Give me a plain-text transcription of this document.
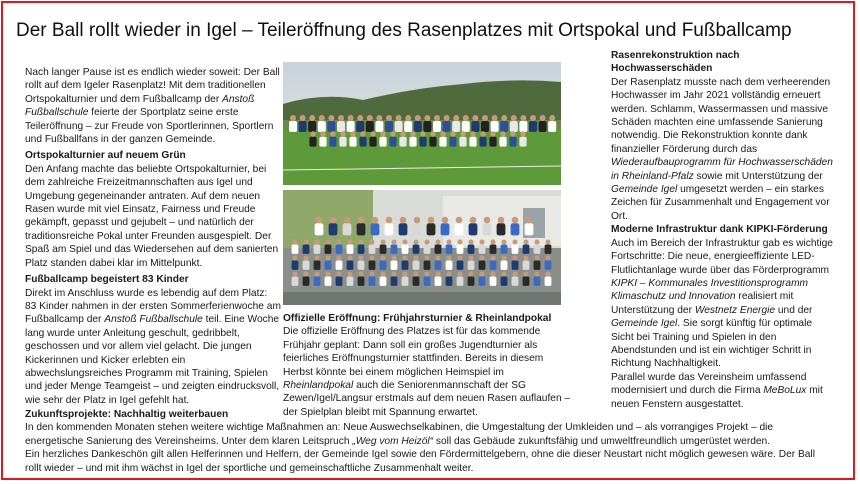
Der Ball rollt wieder in Igel – Teileröffnung des Rasenplatzes mit Ortspokal und Fußballcamp

Nach langer Pause ist es endlich wieder soweit: Der Ball rollt auf dem Igeler Rasenplatz! Mit dem traditionellen Ortspokalturnier und dem Fußballcamp der Anstoß Fußballschule feierte der Sportplatz seine erste Teileröffnung – zur Freude von Sportlerinnen, Sportlern und Fußballfans in der ganzen Gemeinde.

Ortspokalturnier auf neuem Grün

Den Anfang machte das beliebte Ortspokalturnier, bei dem zahlreiche Freizeitmannschaften aus Igel und Umgebung gegeneinander antraten. Auf dem neuen Rasen wurde mit viel Einsatz, Fairness und Freude gekämpft, gepasst und gejubelt – und natürlich der traditionsreiche Pokal unter Freunden ausgespielt. Der Spaß am Spiel und das Wiedersehen auf dem sanierten Platz standen dabei klar im Mittelpunkt.

Fußballcamp begeistert 83 Kinder

Direkt im Anschluss wurde es lebendig auf dem Platz: 83 Kinder nahmen in der ersten Sommerferienwoche am Fußballcamp der Anstoß Fußballschule teil. Eine Woche lang wurde unter Anleitung geschult, gedribbelt, geschossen und vor allem viel gelacht. Die jungen Kickerinnen und Kicker erlebten ein abwechslungsreiches Programm mit Training, Spielen und jeder Menge Teamgeist – und zeigten eindrucksvoll, wie sehr der Platz in Igel gefehlt hat.

Offizielle Eröffnung: Frühjahrsturnier & Rheinlandpokal

Die offizielle Eröffnung des Platzes ist für das kommende Frühjahr geplant: Dann soll ein großes Jugendturnier als feierliches Eröffnungsturnier stattfinden. Bereits in diesem Herbst könnte bei einem möglichen Heimspiel im Rheinlandpokal auch die Seniorenmannschaft der SG Zewen/Igel/Langsur erstmals auf dem neuen Rasen auflaufen – der Spielplan bleibt mit Spannung erwartet.

Rasenrekonstruktion nach Hochwasserschäden

Der Rasenplatz musste nach dem verheerenden Hochwasser im Jahr 2021 vollständig erneuert werden. Schlamm, Wassermassen und massive Schäden machten eine umfassende Sanierung notwendig. Die Rekonstruktion konnte dank finanzieller Förderung durch das Wiederaufbauprogramm für Hochwasserschäden in Rheinland-Pfalz sowie mit Unterstützung der Gemeinde Igel umgesetzt werden – ein starkes Zeichen für Zusammenhalt und Engagement vor Ort.

Moderne Infrastruktur dank KIPKI-Förderung

Auch im Bereich der Infrastruktur gab es wichtige Fortschritte: Die neue, energieeffiziente LED-Flutlichtanlage wurde über das Förderprogramm KIPKI – Kommunales Investitionsprogramm Klimaschutz und Innovation realisiert mit Unterstützung der Westnetz Energie und der Gemeinde Igel. Sie sorgt künftig für optimale Sicht bei Training und Spielen in den Abendstunden und ist ein wichtiger Schritt in Richtung Nachhaltigkeit.

Parallel wurde das Vereinsheim umfassend modernisiert und durch die Firma MeBoLux mit neuen Fenstern ausgestattet.

Zukunftsprojekte: Nachhaltig weiterbauen

In den kommenden Monaten stehen weitere wichtige Maßnahmen an: Neue Auswechselkabinen, die Umgestaltung der Umkleiden und – als vorrangiges Projekt – die energetische Sanierung des Vereinsheims. Unter dem klaren Leitspruch „Weg vom Heizöl“ soll das Gebäude zukunftsfähig und umweltfreundlich umgerüstet werden.

Ein herzliches Dankeschön gilt allen Helferinnen und Helfern, der Gemeinde Igel sowie den Fördermittelgebern, ohne die dieser Neustart nicht möglich gewesen wäre. Der Ball rollt wieder – und mit ihm wächst in Igel der sportliche und gemeinschaftliche Zusammenhalt weiter.
